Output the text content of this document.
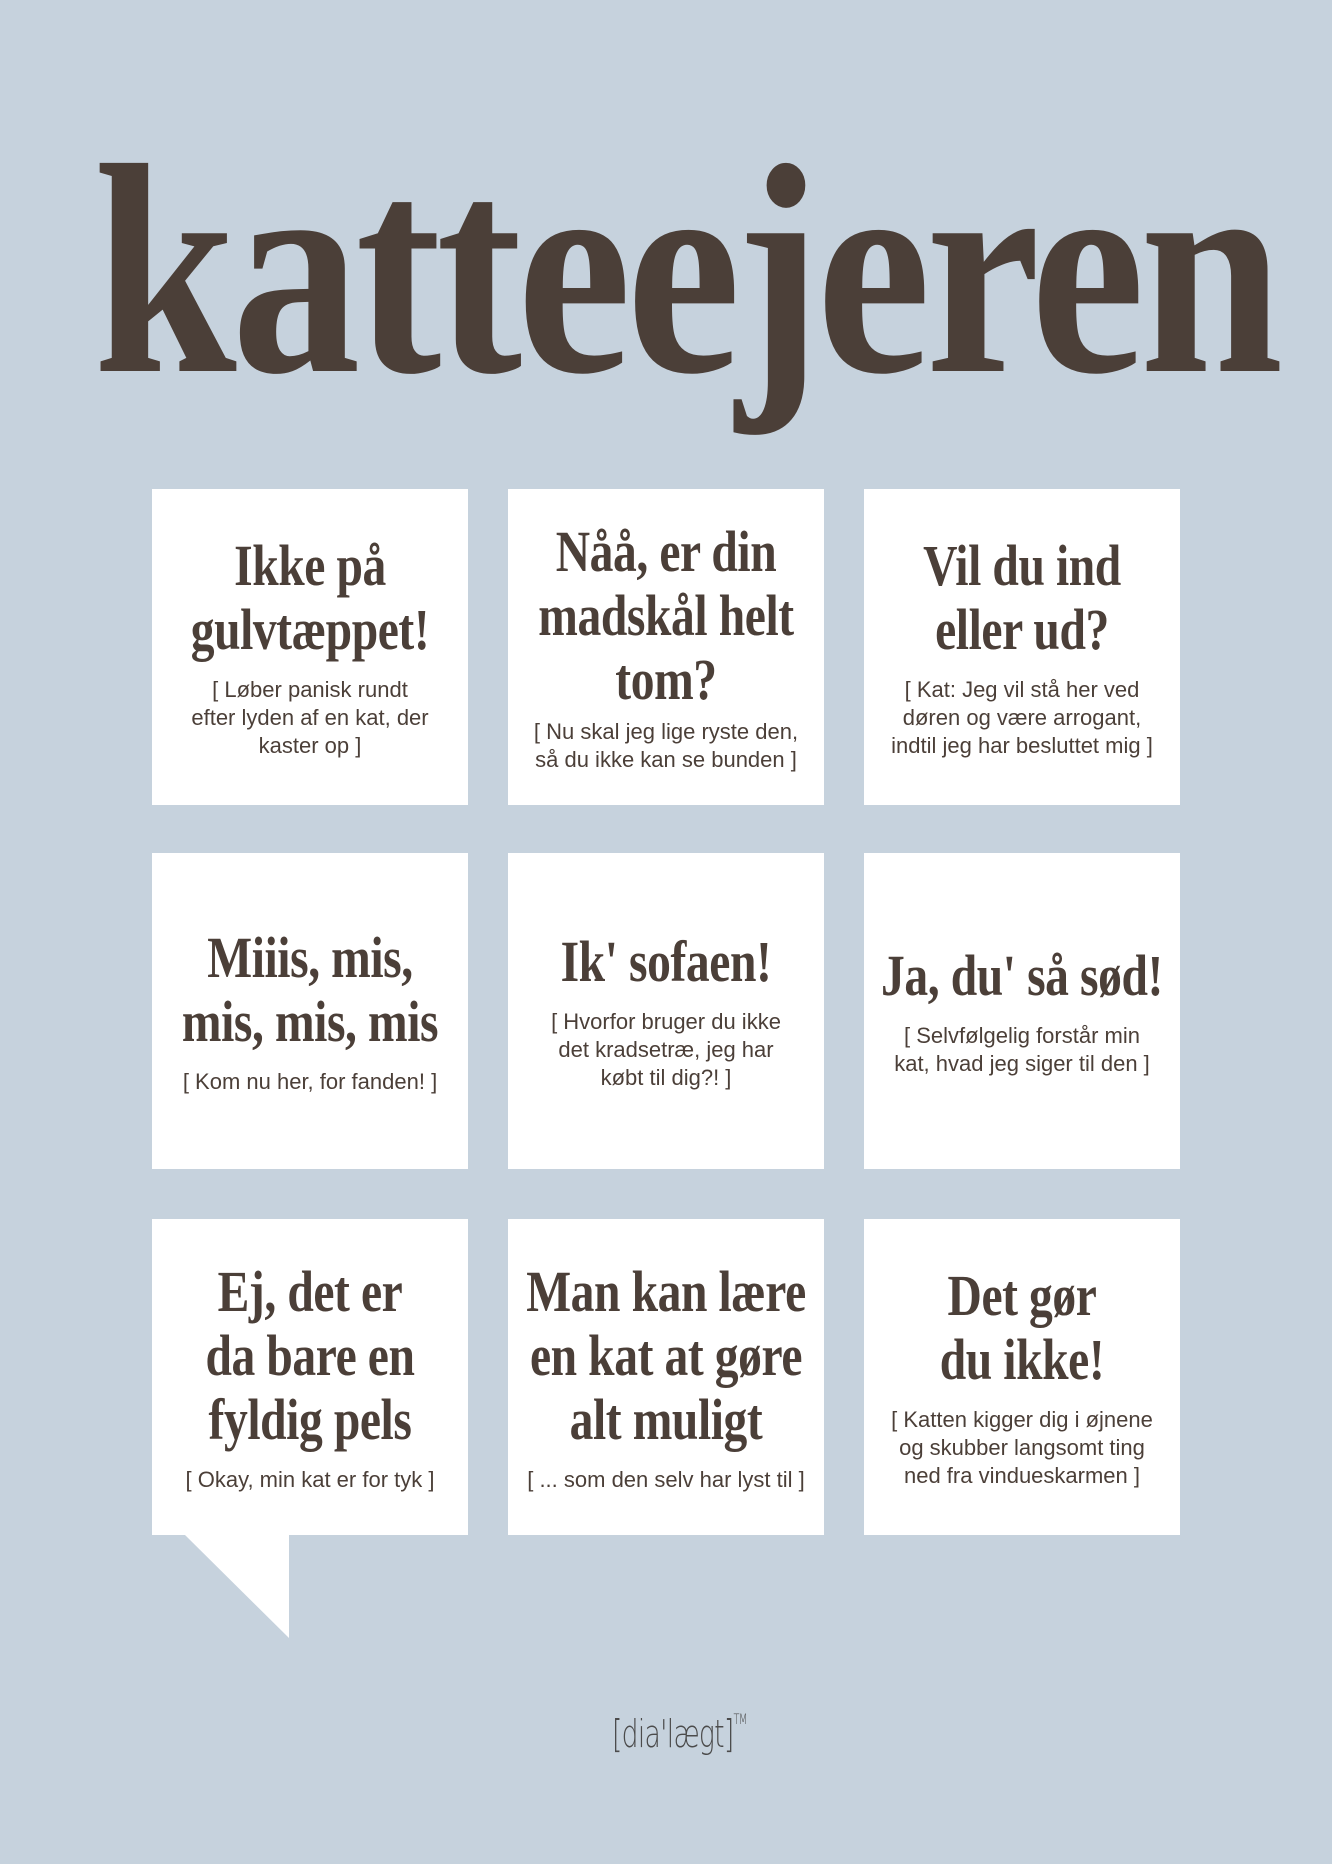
katteejeren
Ikke på
gulvtæppet!
[ Løber panisk rundt
efter lyden af en kat, der
kaster op ]
Nåå, er din
madskål helt
tom?
[ Nu skal jeg lige ryste den,
så du ikke kan se bunden ]
Vil du ind
eller ud?
[ Kat: Jeg vil stå her ved
døren og være arrogant,
indtil jeg har besluttet mig ]
Miiis, mis,
mis, mis, mis
[ Kom nu her, for fanden! ]
Ik' sofaen!
[ Hvorfor bruger du ikke
det kradsetræ, jeg har
købt til dig?! ]
Ja, du' så sød!
[ Selvfølgelig forstår min
kat, hvad jeg siger til den ]
Ej, det er
da bare en
fyldig pels
[ Okay, min kat er for tyk ]
Man kan lære
en kat at gøre
alt muligt
[ ... som den selv har lyst til ]
Det gør
du ikke!
[ Katten kigger dig i øjnene
og skubber langsomt ting
ned fra vindueskarmen ]
[dia'lægt]™
